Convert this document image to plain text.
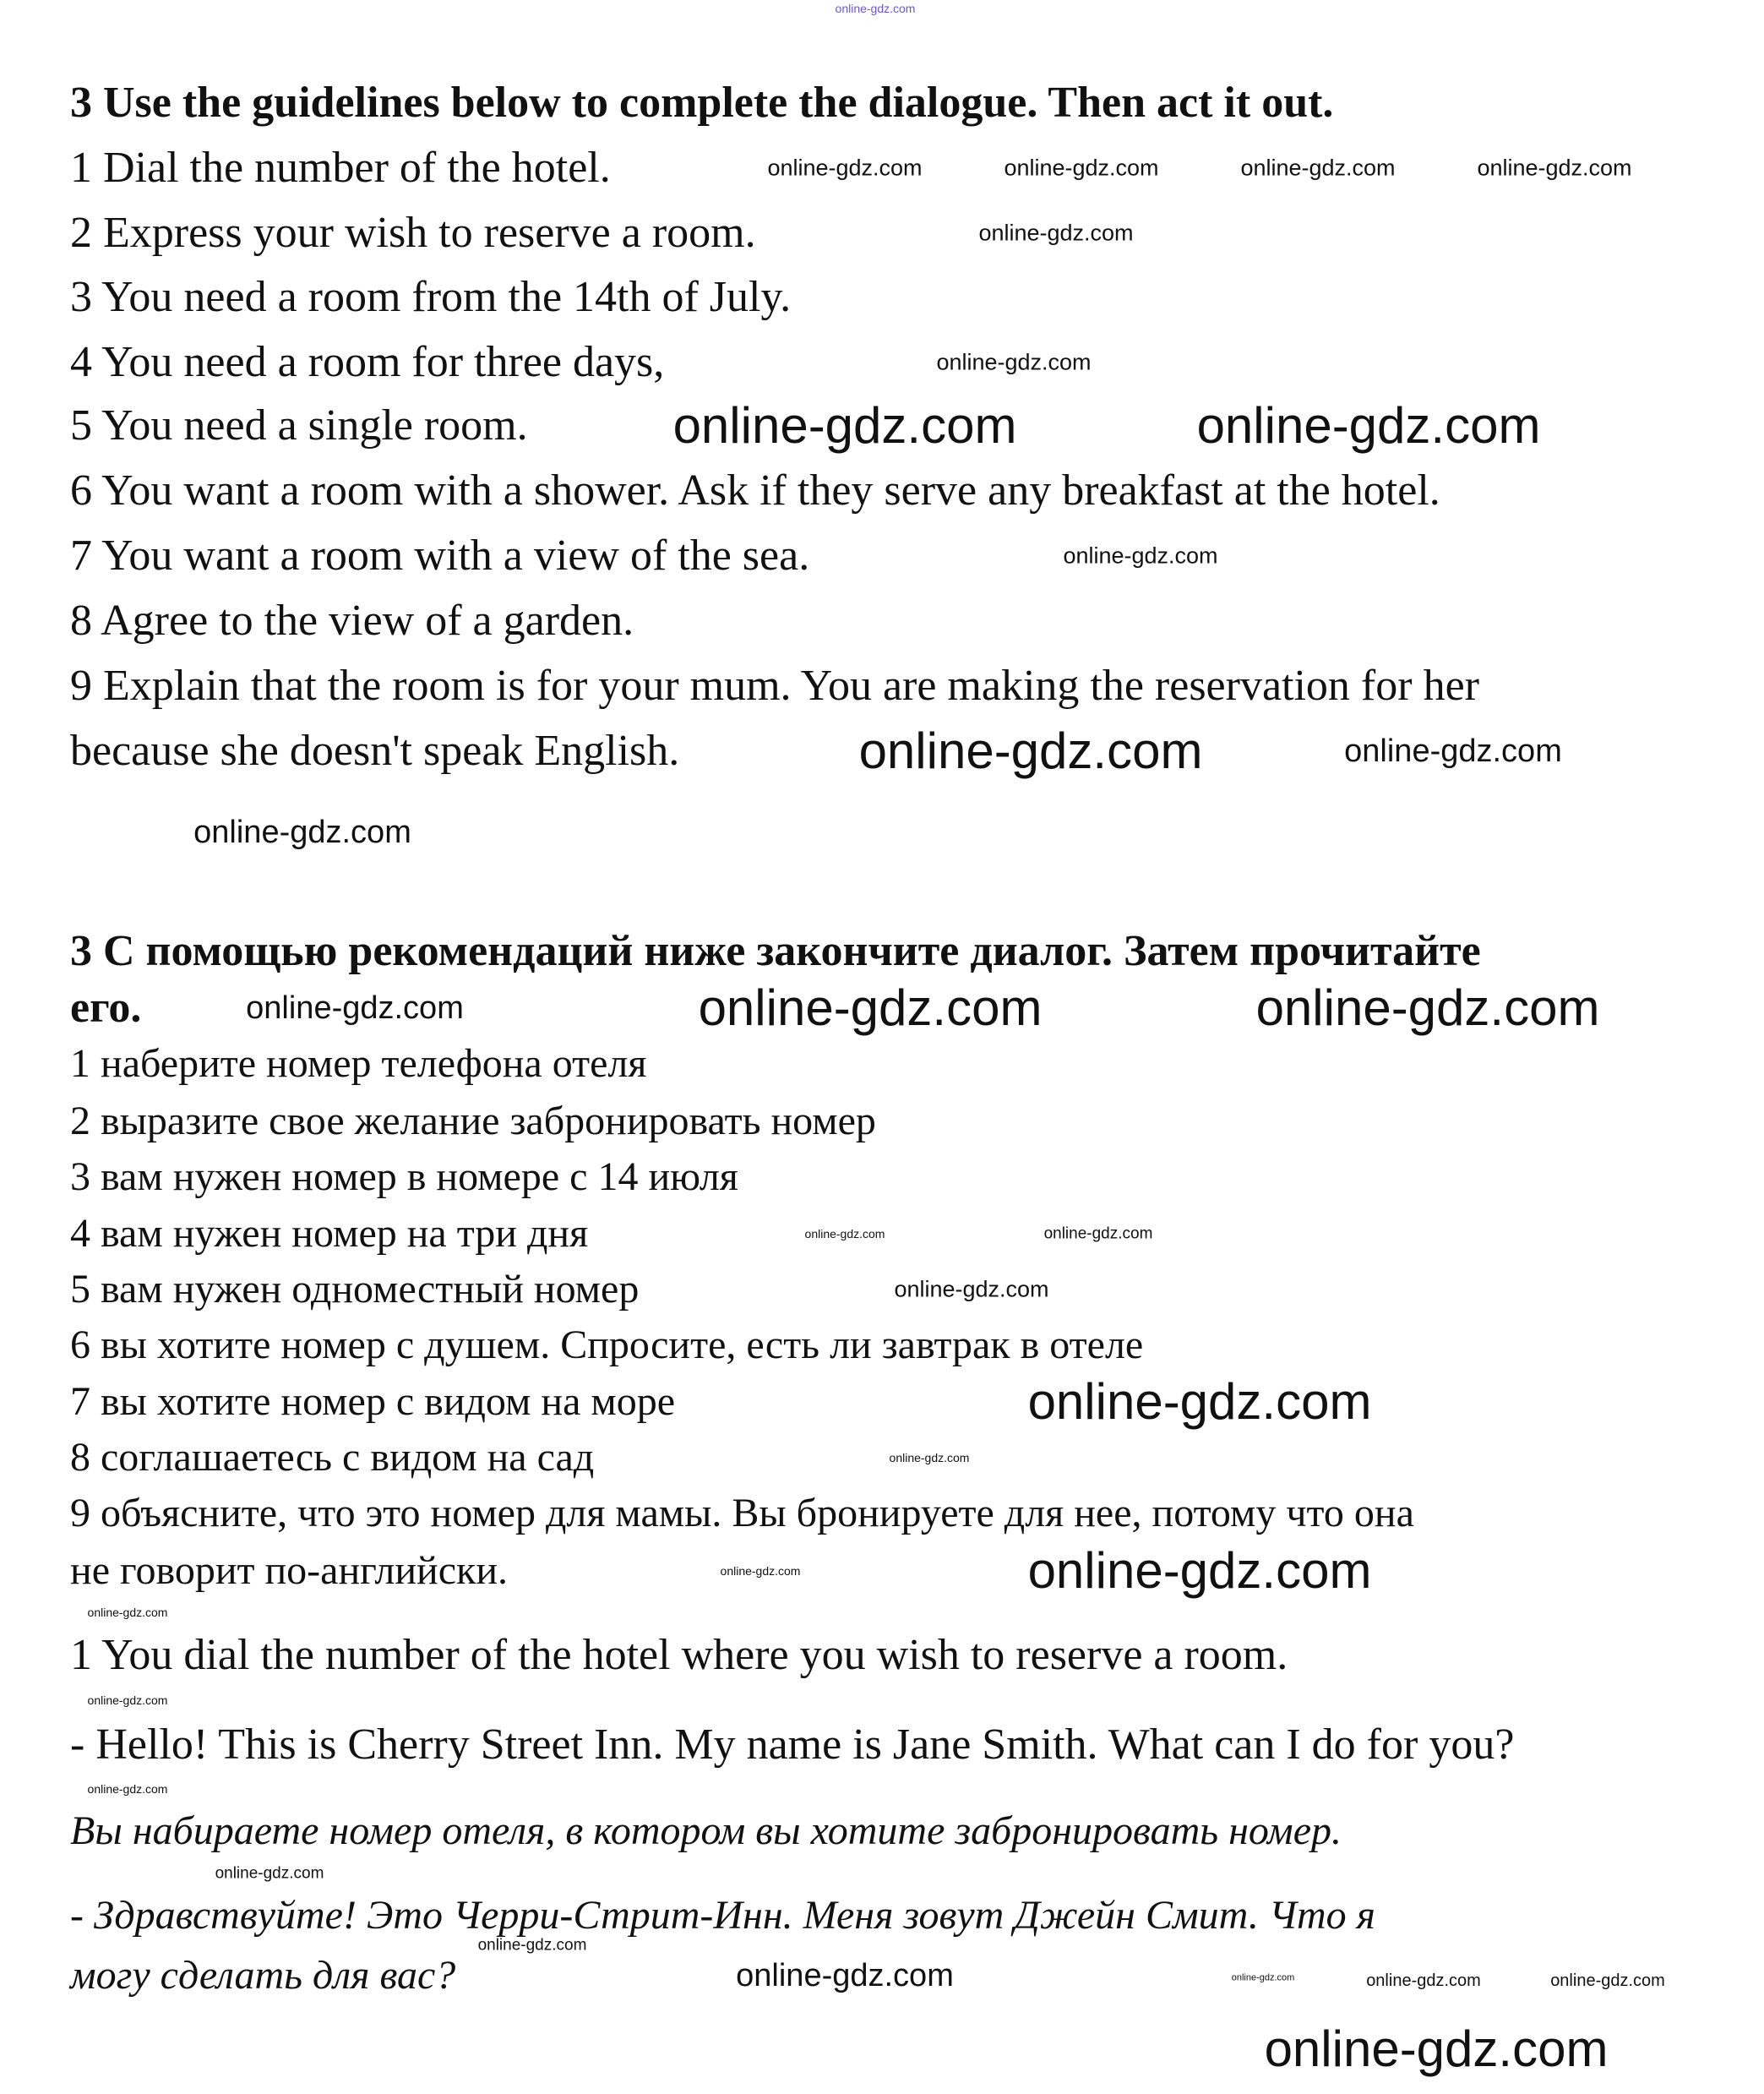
3 Use the guidelines below to complete the dialogue. Then act it out.
1 Dial the number of the hotel.
2 Express your wish to reserve a room.
3 You need a room from the 14th of July.
4 You need a room for three days,
5 You need a single room.
6 You want a room with a shower. Ask if they serve any breakfast at the hotel.
7 You want a room with a view of the sea.
8 Agree to the view of a garden.
9 Explain that the room is for your mum. You are making the reservation for her
because she doesn't speak English.
3 С помощью рекомендаций ниже закончите диалог. Затем прочитайте
его.
1 наберите номер телефона отеля
2 выразите свое желание забронировать номер
3 вам нужен номер в номере с 14 июля
4 вам нужен номер на три дня
5 вам нужен одноместный номер
6 вы хотите номер с душем. Спросите, есть ли завтрак в отеле
7 вы хотите номер с видом на море
8 соглашаетесь с видом на сад
9 объясните, что это номер для мамы. Вы бронируете для нее, потому что она
не говорит по-английски.
1 You dial the number of the hotel where you wish to reserve a room.
- Hello! This is Cherry Street Inn. My name is Jane Smith. What can I do for you?
Вы набираете номер отеля, в котором вы хотите забронировать номер.
- Здравствуйте! Это Черри-Стрит-Инн. Меня зовут Джейн Смит. Что я
могу сделать для вас?
online-gdz.com
online-gdz.com	online-gdz.com	online-gdz.com	online-gdz.com
online-gdz.com
online-gdz.com
online-gdz.com	online-gdz.com
online-gdz.com
online-gdz.com	online-gdz.com
online-gdz.com
online-gdz.com	online-gdz.com	online-gdz.com
online-gdz.com	online-gdz.com
online-gdz.com
online-gdz.com
online-gdz.com
online-gdz.com	online-gdz.com
online-gdz.com
online-gdz.com
online-gdz.com
online-gdz.com
online-gdz.com
online-gdz.com
online-gdz.com	online-gdz.com	online-gdz.com	online-gdz.com
